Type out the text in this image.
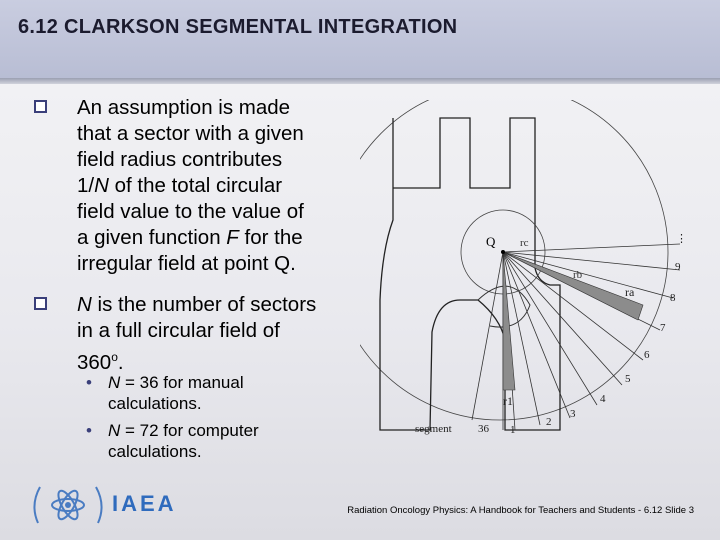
6.12 CLARKSON SEGMENTAL INTEGRATION
An assumption is made
that a sector with a given
field radius contributes
1/N of the total circular
field value to the value of
a given function F for the
irregular field at point Q.
N is the number of sectors
in a full circular field of
360$^o$.
• N = 36 for manual
calculations.
• N = 72 for computer
calculations.
Q rc
rb
ra
r1
segment 36 1
2
3
4
5
6
7
8
9
⋮
IAEA	Radiation Oncology Physics: A Handbook for Teachers and Students - 6.12 Slide 3
